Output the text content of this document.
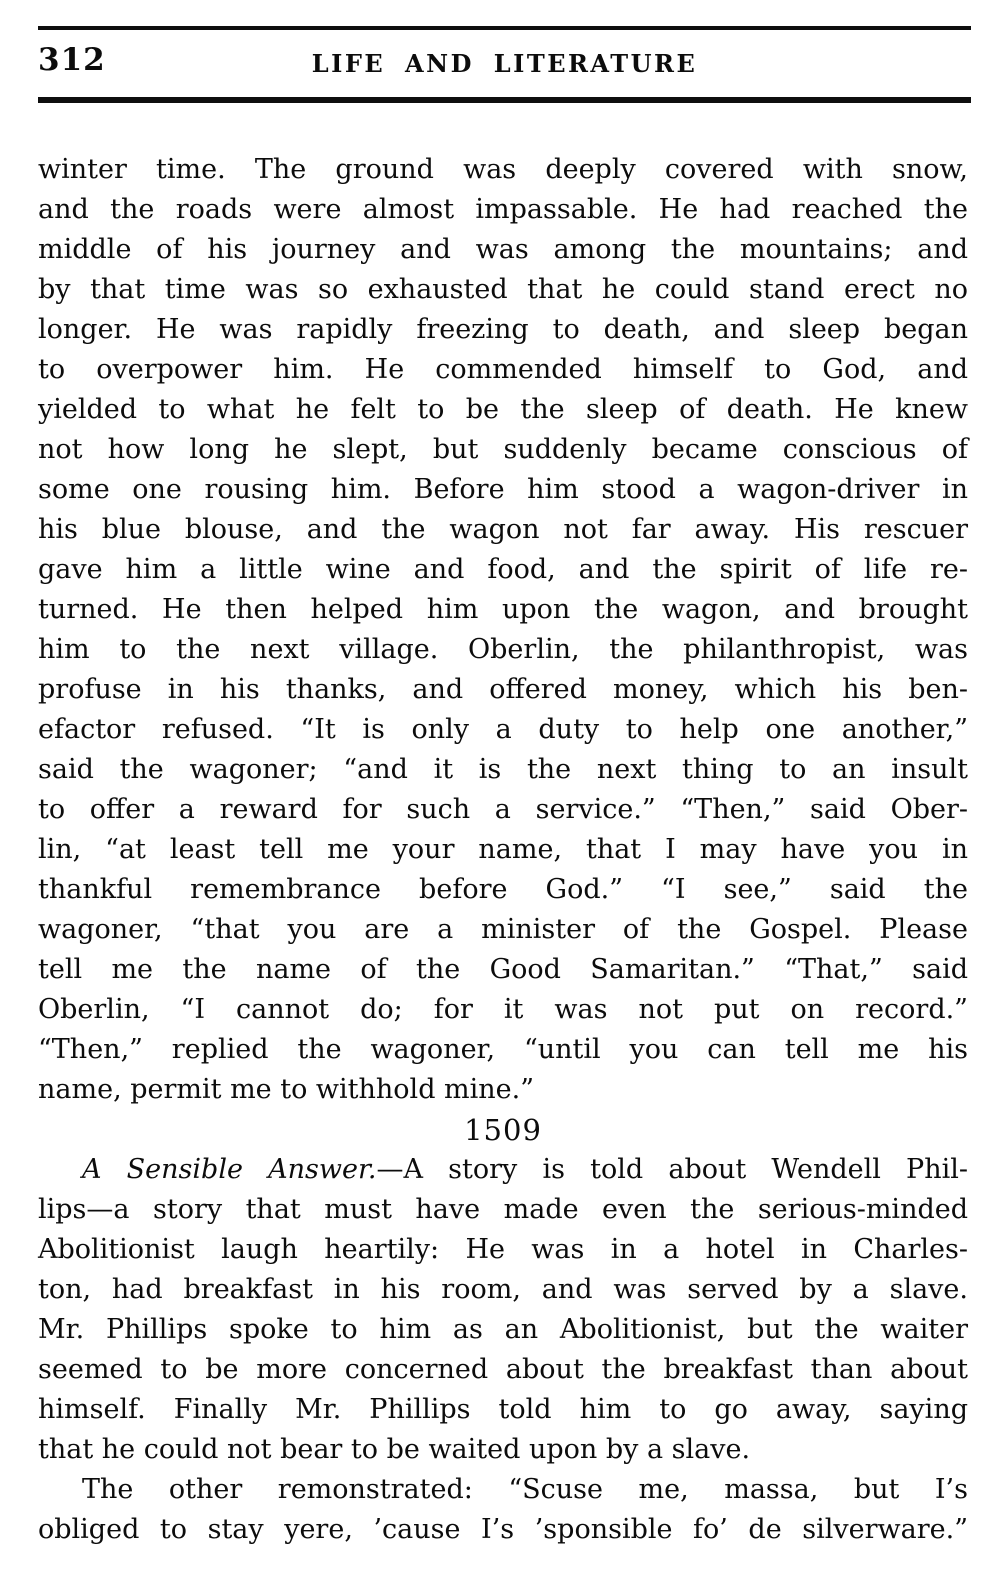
312	LIFE AND LITERATURE
winter time. The ground was deeply covered with snow,
and the roads were almost impassable. He had reached the
middle of his journey and was among the mountains; and
by that time was so exhausted that he could stand erect no
longer. He was rapidly freezing to death, and sleep began
to overpower him. He commended himself to God, and
yielded to what he felt to be the sleep of death. He knew
not how long he slept, but suddenly became conscious of
some one rousing him. Before him stood a wagon-driver in
his blue blouse, and the wagon not far away. His rescuer
gave him a little wine and food, and the spirit of life re-
turned. He then helped him upon the wagon, and brought
him to the next village. Oberlin, the philanthropist, was
profuse in his thanks, and offered money, which his ben-
efactor refused. “It is only a duty to help one another,”
said the wagoner; “and it is the next thing to an insult
to offer a reward for such a service.” “Then,” said Ober-
lin, “at least tell me your name, that I may have you in
thankful remembrance before God.” “I see,” said the
wagoner, “that you are a minister of the Gospel. Please
tell me the name of the Good Samaritan.” “That,” said
Oberlin, “I cannot do; for it was not put on record.”
“Then,” replied the wagoner, “until you can tell me his
name, permit me to withhold mine.”
1509
A Sensible Answer.—A story is told about Wendell Phil-
lips—a story that must have made even the serious-minded
Abolitionist laugh heartily: He was in a hotel in Charles-
ton, had breakfast in his room, and was served by a slave.
Mr. Phillips spoke to him as an Abolitionist, but the waiter
seemed to be more concerned about the breakfast than about
himself. Finally Mr. Phillips told him to go away, saying
that he could not bear to be waited upon by a slave.
The other remonstrated: “Scuse me, massa, but I’s
obliged to stay yere, ’cause I’s ’sponsible fo’ de silverware.”
